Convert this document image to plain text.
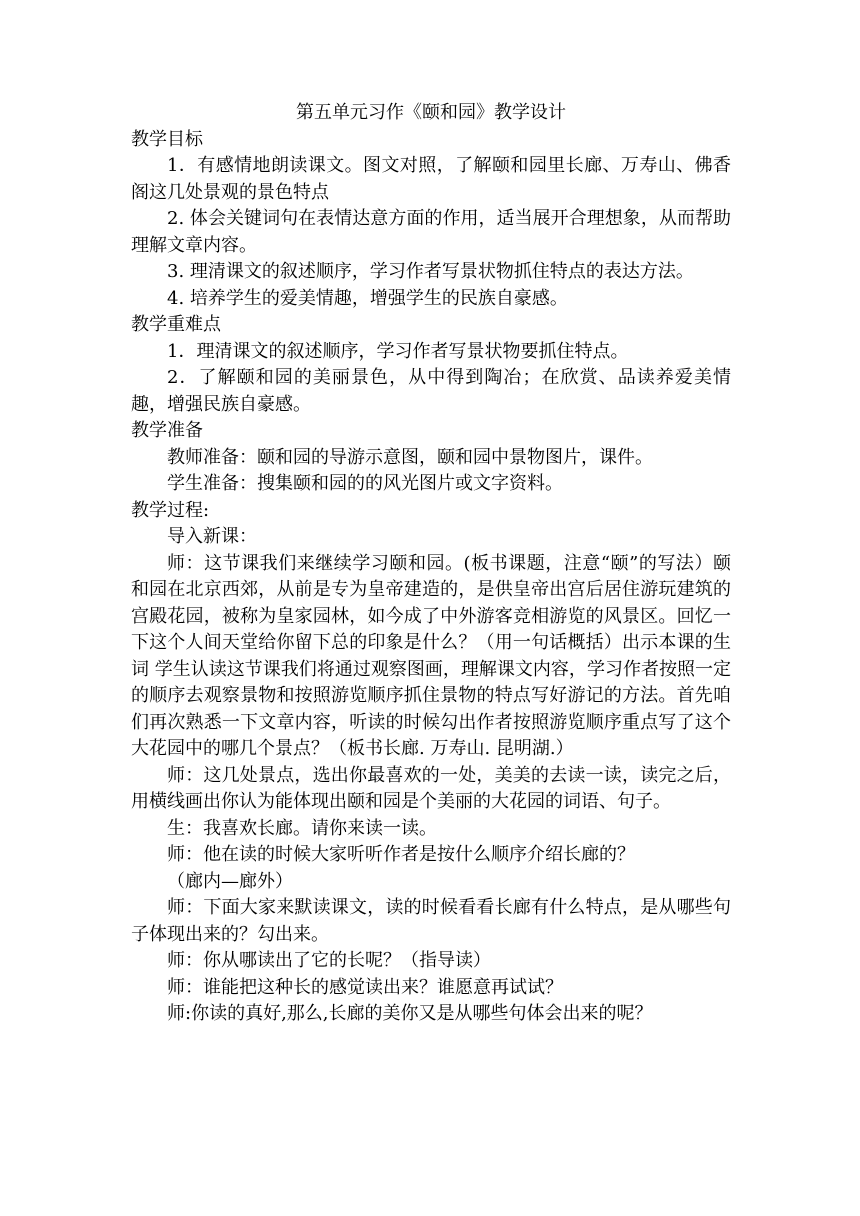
第五单元习作《颐和园》教学设计

教学目标

1．有感情地朗读课文。图文对照，了解颐和园里长廊、万寿山、佛香阁这几处景观的景色特点

2. 体会关键词句在表情达意方面的作用，适当展开合理想象，从而帮助理解文章内容。

3. 理清课文的叙述顺序，学习作者写景状物抓住特点的表达方法。

4. 培养学生的爱美情趣，增强学生的民族自豪感。

教学重难点

1．理清课文的叙述顺序，学习作者写景状物要抓住特点。

2．了解颐和园的美丽景色，从中得到陶冶；在欣赏、品读养爱美情趣，增强民族自豪感。

教学准备

教师准备：颐和园的导游示意图，颐和园中景物图片，课件。

学生准备：搜集颐和园的的风光图片或文字资料。

教学过程:

导入新课：

师：这节课我们来继续学习颐和园。(板书课题，注意“颐”的写法）颐和园在北京西郊，从前是专为皇帝建造的，是供皇帝出宫后居住游玩建筑的宫殿花园，被称为皇家园林，如今成了中外游客竞相游览的风景区。回忆一下这个人间天堂给你留下总的印象是什么？（用一句话概括）出示本课的生词 学生认读这节课我们将通过观察图画，理解课文内容，学习作者按照一定的顺序去观察景物和按照游览顺序抓住景物的特点写好游记的方法。首先咱们再次熟悉一下文章内容，听读的时候勾出作者按照游览顺序重点写了这个大花园中的哪几个景点？（板书长廊. 万寿山. 昆明湖.）

师：这几处景点，选出你最喜欢的一处，美美的去读一读，读完之后，用横线画出你认为能体现出颐和园是个美丽的大花园的词语、句子。

生：我喜欢长廊。请你来读一读。

师：他在读的时候大家听听作者是按什么顺序介绍长廊的？

（廊内—廊外）

师：下面大家来默读课文，读的时候看看长廊有什么特点，是从哪些句子体现出来的？勾出来。

师：你从哪读出了它的长呢？（指导读）

师：谁能把这种长的感觉读出来？谁愿意再试试？

师:你读的真好,那么,长廊的美你又是从哪些句体会出来的呢？
